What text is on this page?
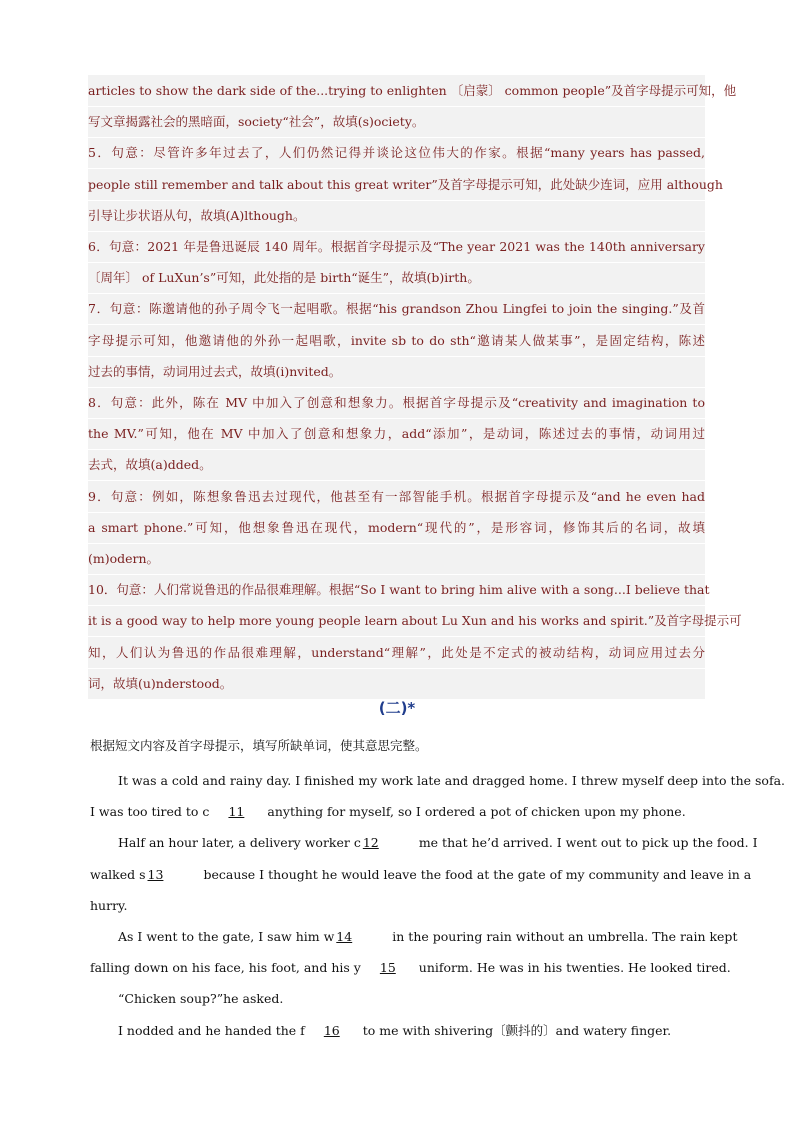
articles to show the dark side of the...trying to enlighten 〔启蒙〕 common people”及首字母提示可知，他
写文章揭露社会的黑暗面，society“社会”，故填(s)ociety。
5．句意：尽管许多年过去了，人们仍然记得并谈论这位伟大的作家。根据“many years has passed,
people still remember and talk about this great writer”及首字母提示可知，此处缺少连词，应用 although
引导让步状语从句，故填(A)lthough。
6．句意：2021 年是鲁迅诞辰 140 周年。根据首字母提示及“The year 2021 was the 140th anniversary
〔周年〕 of LuXun’s”可知，此处指的是 birth“诞生”，故填(b)irth。
7．句意：陈邈请他的孙子周令飞一起唱歌。根据“his grandson Zhou Lingfei to join the singing.”及首
字母提示可知，他邀请他的外孙一起唱歌，invite sb to do sth“邀请某人做某事”，是固定结构，陈述
过去的事情，动词用过去式，故填(i)nvited。
8．句意：此外，陈在 MV 中加入了创意和想象力。根据首字母提示及“creativity and imagination to
the MV.”可知，他在 MV 中加入了创意和想象力，add“添加”，是动词，陈述过去的事情，动词用过
去式，故填(a)dded。
9．句意：例如，陈想象鲁迅去过现代，他甚至有一部智能手机。根据首字母提示及“and he even had
a smart phone.”可知，他想象鲁迅在现代，modern“现代的”，是形容词，修饰其后的名词，故填
(m)odern。
10．句意：人们常说鲁迅的作品很难理解。根据“So I want to bring him alive with a song...I believe that
it is a good way to help more young people learn about Lu Xun and his works and spirit.”及首字母提示可
知，人们认为鲁迅的作品很难理解，understand“理解”，此处是不定式的被动结构，动词应用过去分
词，故填(u)nderstood。
(二)*
根据短文内容及首字母提示，填写所缺单词，使其意思完整。
It was a cold and rainy day. I finished my work late and dragged home. I threw myself deep into the sofa.
I was too tired to c 11 anything for myself, so I ordered a pot of chicken upon my phone.
Half an hour later, a delivery worker c 12	me that he’d arrived. I went out to pick up the food. I
walked s 13	because I thought he would leave the food at the gate of my community and leave in a
hurry.
As I went to the gate, I saw him w 14	in the pouring rain without an umbrella. The rain kept
falling down on his face, his foot, and his y 15 uniform. He was in his twenties. He looked tired.
“Chicken soup?”he asked.
I nodded and he handed the f 16 to me with shivering〔颤抖的〕and watery finger.
